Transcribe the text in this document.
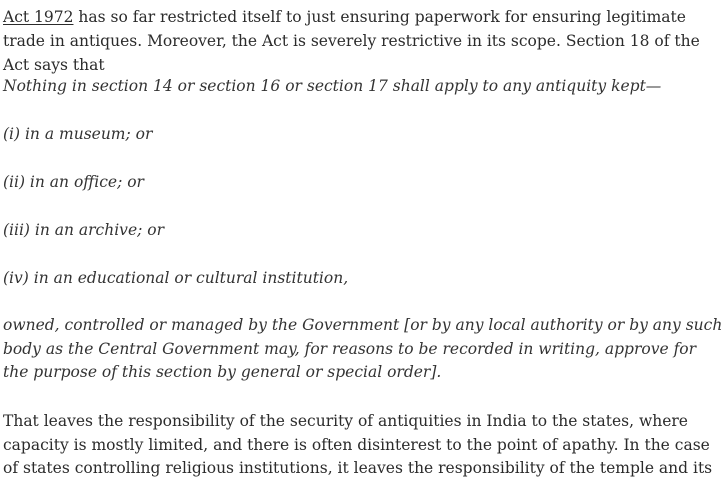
Act 1972 has so far restricted itself to just ensuring paperwork for ensuring legitimate trade in antiques. Moreover, the Act is severely restrictive in its scope. Section 18 of the Act says that

Nothing in section 14 or section 16 or section 17 shall apply to any antiquity kept—

(i) in a museum; or

(ii) in an office; or

(iii) in an archive; or

(iv) in an educational or cultural institution,

owned, controlled or managed by the Government [or by any local authority or by any such body as the Central Government may, for reasons to be recorded in writing, approve for the purpose of this section by general or special order].

That leaves the responsibility of the security of antiquities in India to the states, where capacity is mostly limited, and there is often disinterest to the point of apathy. In the case of states controlling religious institutions, it leaves the responsibility of the temple and its
